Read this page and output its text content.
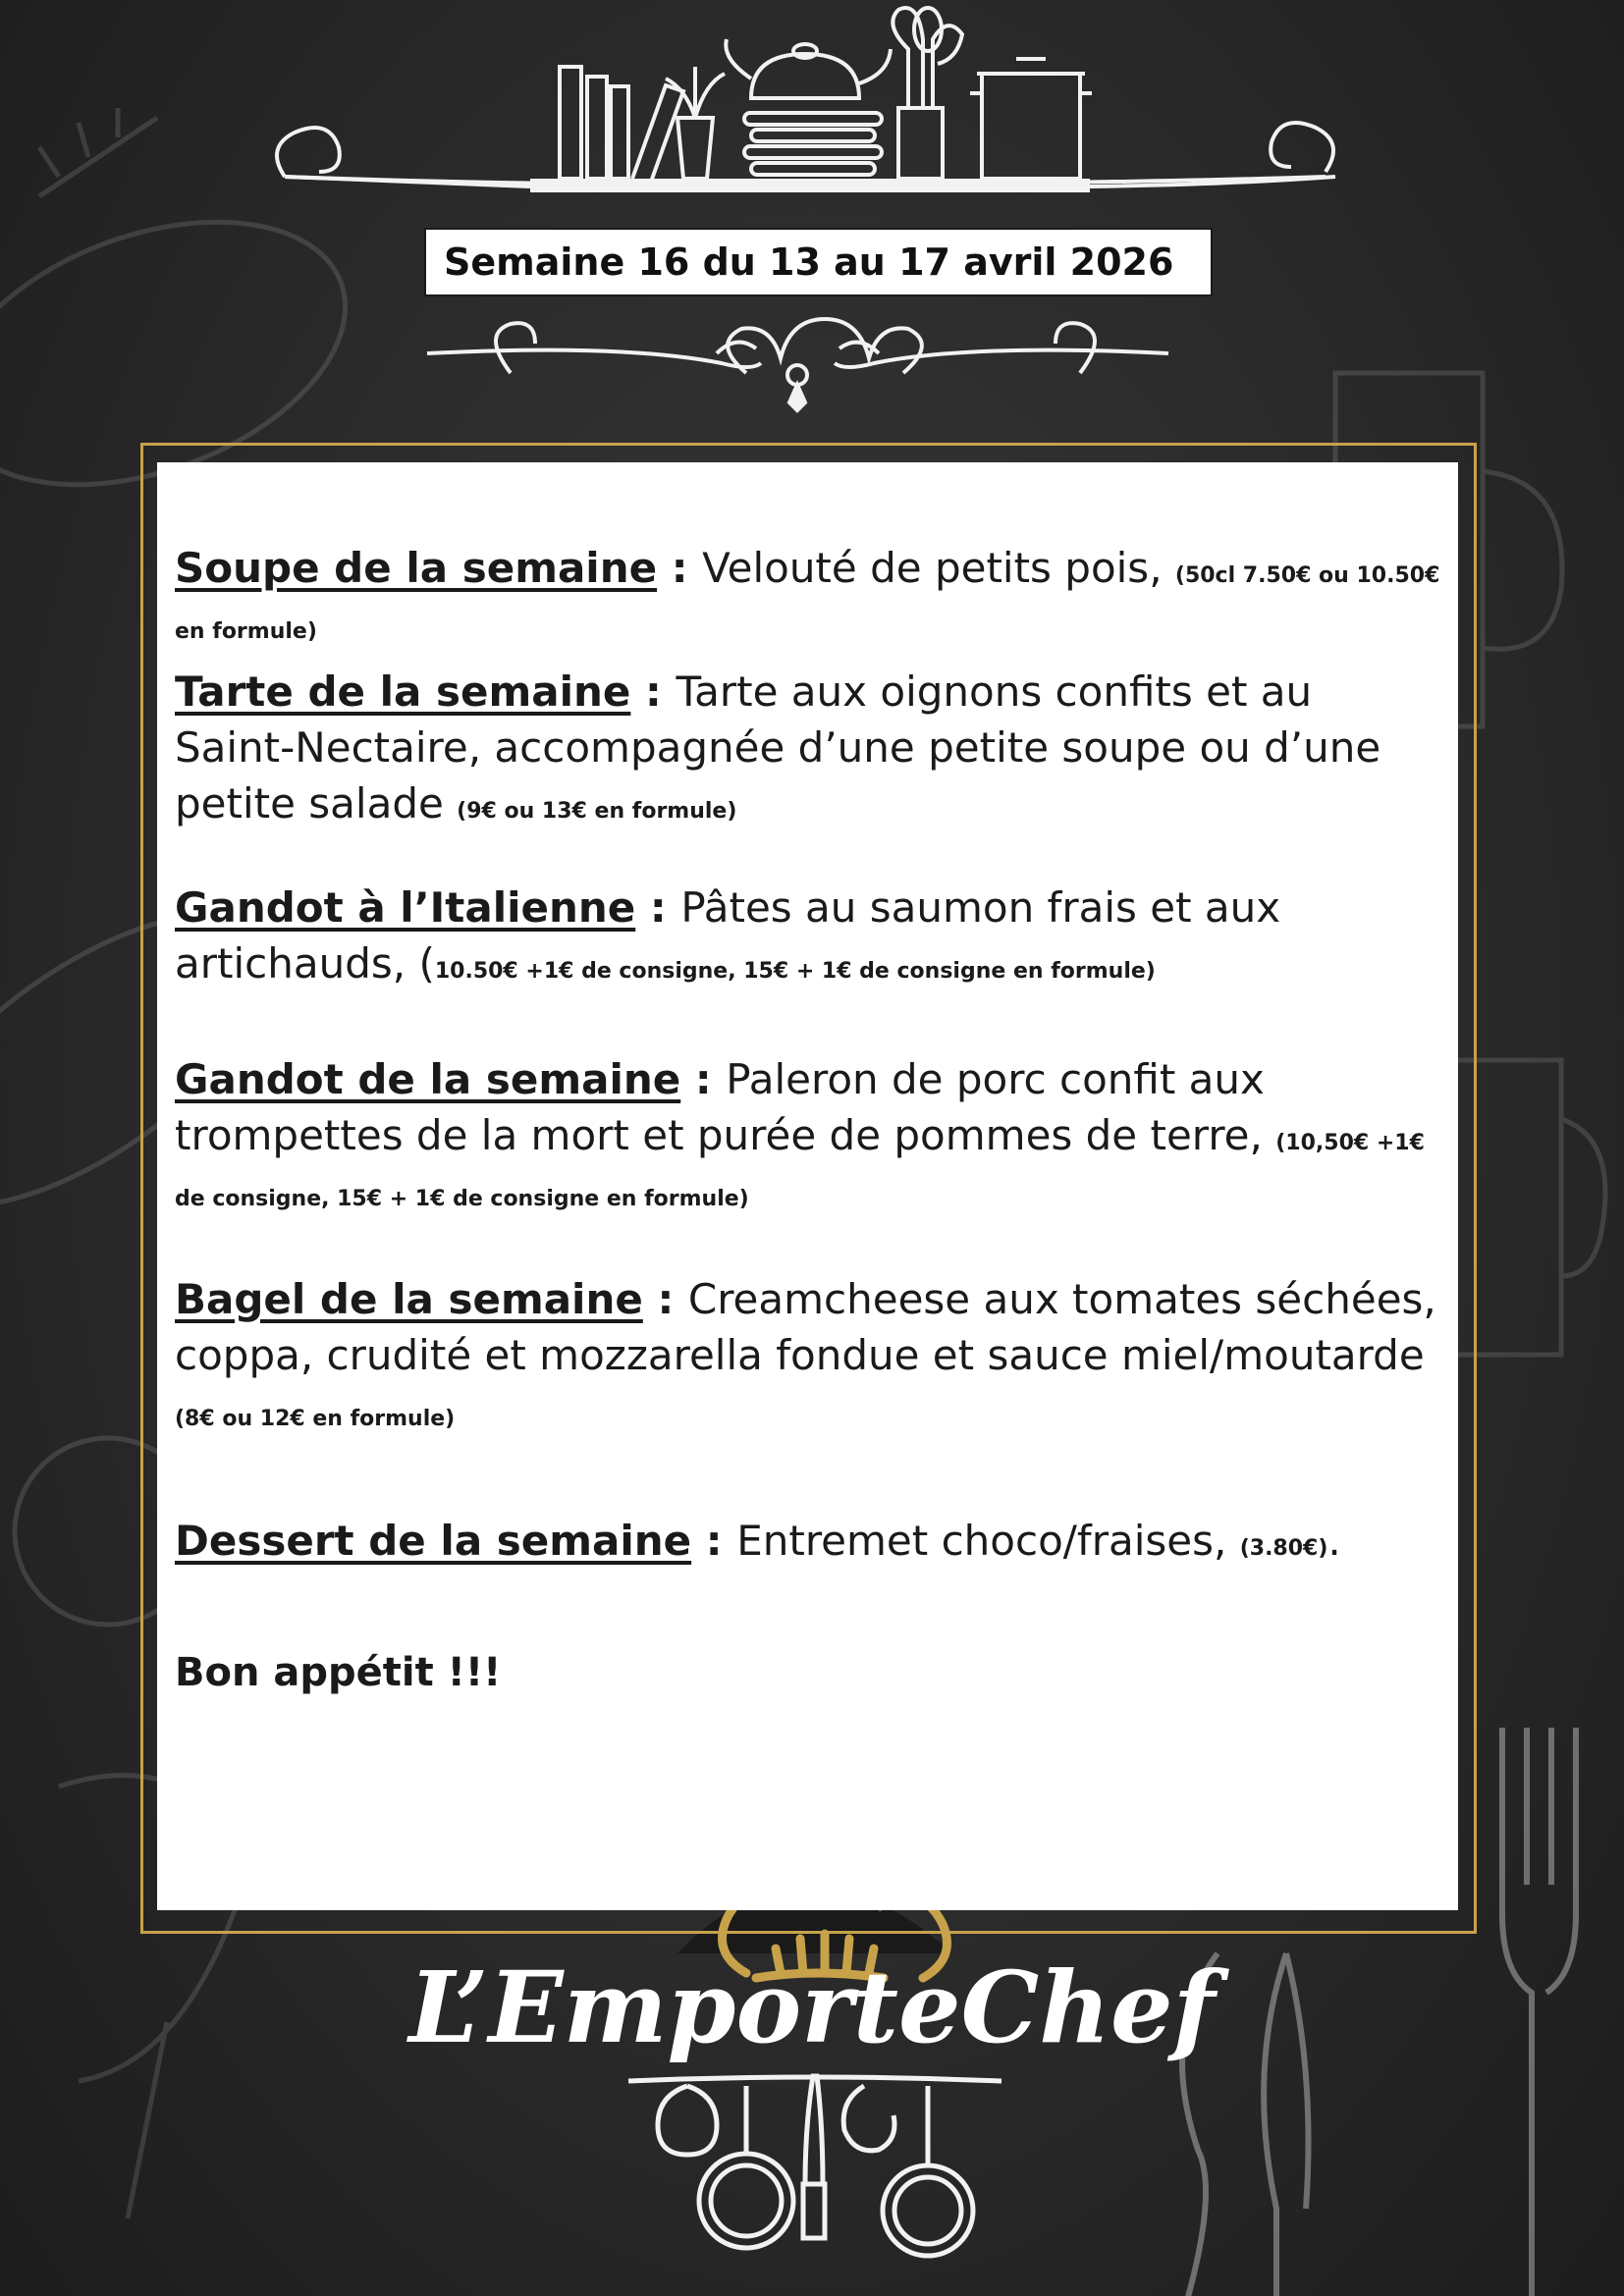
Semaine 16 du 13 au 17 avril 2026

Soupe de la semaine : Velouté de petits pois, (50cl 7.50€ ou 10.50€ en formule)

Tarte de la semaine : Tarte aux oignons confits et au Saint-Nectaire, accompagnée d’une petite soupe ou d’une petite salade (9€ ou 13€ en formule)

Gandot à l’Italienne : Pâtes au saumon frais et aux artichauds, (10.50€ +1€ de consigne, 15€ + 1€ de consigne en formule)

Gandot de la semaine : Paleron de porc confit aux trompettes de la mort et purée de pommes de terre, (10,50€ +1€ de consigne, 15€ + 1€ de consigne en formule)

Bagel de la semaine : Creamcheese aux tomates séchées, coppa, crudité et mozzarella fondue et sauce miel/moutarde (8€ ou 12€ en formule)

Dessert de la semaine : Entremet choco/fraises, (3.80€).

Bon appétit !!!
L’EmporteChef
